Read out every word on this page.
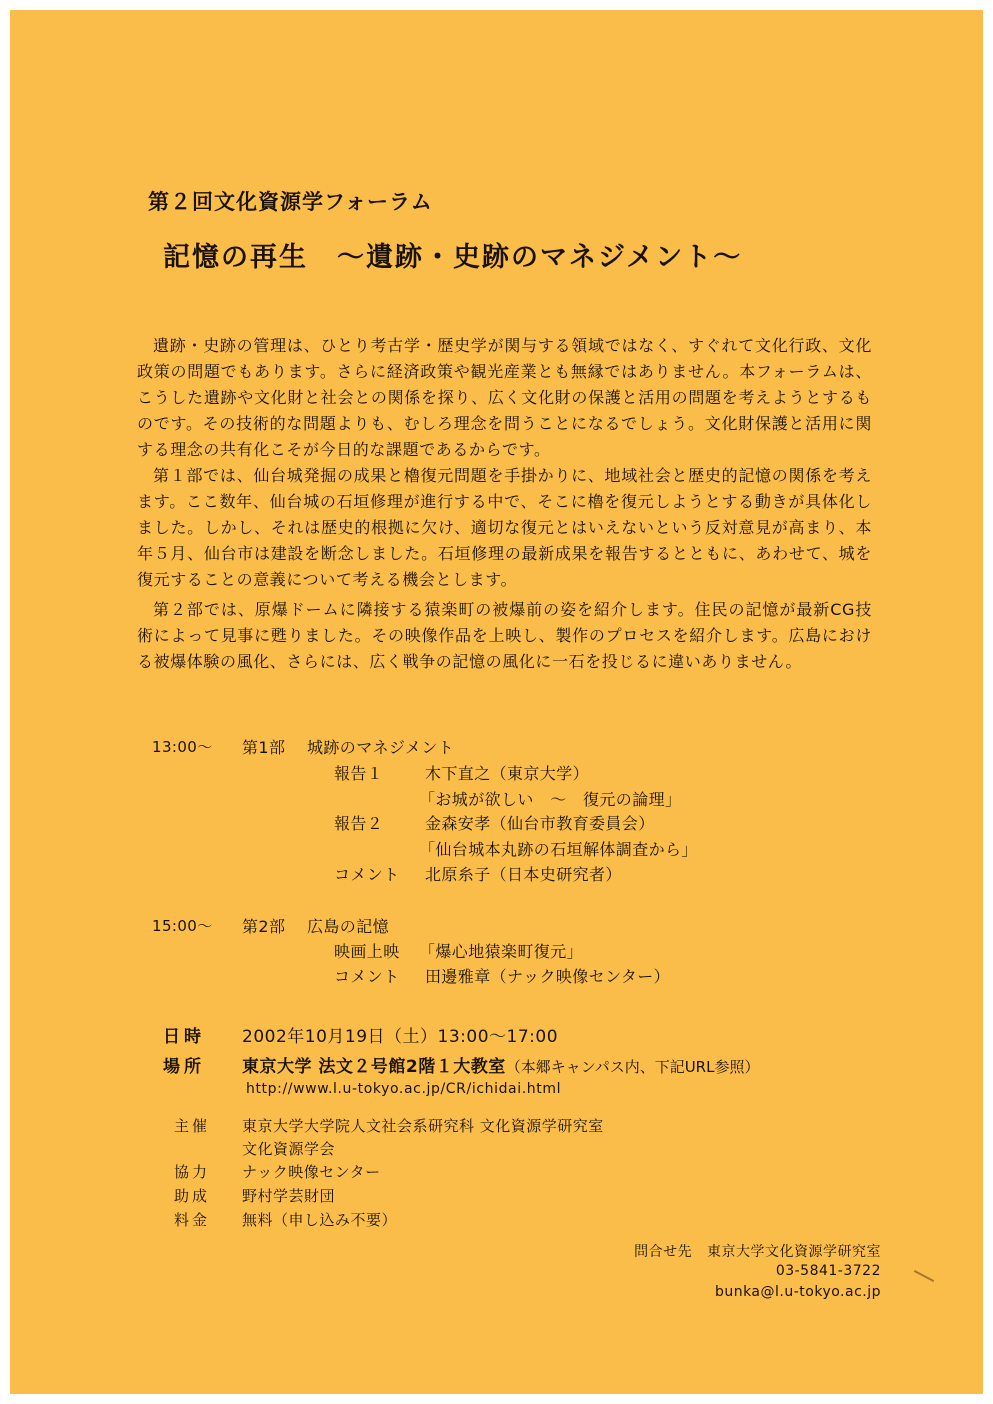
第２回文化資源学フォーラム
記憶の再生　～遺跡・史跡のマネジメント～
遺跡・史跡の管理は、ひとり考古学・歴史学が関与する領域ではなく、すぐれて文化行政、文化政策の問題でもあります。さらに経済政策や観光産業とも無縁ではありません。本フォーラムは、こうした遺跡や文化財と社会との関係を探り、広く文化財の保護と活用の問題を考えようとするものです。その技術的な問題よりも、むしろ理念を問うことになるでしょう。文化財保護と活用に関する理念の共有化こそが今日的な課題であるからです。
第１部では、仙台城発掘の成果と櫓復元問題を手掛かりに、地域社会と歴史的記憶の関係を考えます。ここ数年、仙台城の石垣修理が進行する中で、そこに櫓を復元しようとする動きが具体化しました。しかし、それは歴史的根拠に欠け、適切な復元とはいえないという反対意見が高まり、本年５月、仙台市は建設を断念しました。石垣修理の最新成果を報告するとともに、あわせて、城を復元することの意義について考える機会とします。
第２部では、原爆ドームに隣接する猿楽町の被爆前の姿を紹介します。住民の記憶が最新CG技術によって見事に甦りました。その映像作品を上映し、製作のプロセスを紹介します。広島における被爆体験の風化、さらには、広く戦争の記憶の風化に一石を投じるに違いありません。
13:00～ 第1部 城跡のマネジメント
報告１	木下直之（東京大学）
「お城が欲しい　～　復元の論理」
報告２	金森安孝（仙台市教育委員会）
「仙台城本丸跡の石垣解体調査から」
コメント 北原糸子（日本史研究者）
15:00～ 第2部 広島の記憶
映画上映 「爆心地猿楽町復元」
コメント 田邊雅章（ナック映像センター）
日時 2002年10月19日（土）13:00～17:00
場所 東京大学 法文２号館2階１大教室（本郷キャンパス内、下記URL参照）
http://www.l.u-tokyo.ac.jp/CR/ichidai.html
主催 東京大学大学院人文社会系研究科 文化資源学研究室
文化資源学会
協力 ナック映像センター
助成 野村学芸財団
料金 無料（申し込み不要）
問合せ先 東京大学文化資源学研究室
03-5841-3722
bunka@l.u-tokyo.ac.jp
